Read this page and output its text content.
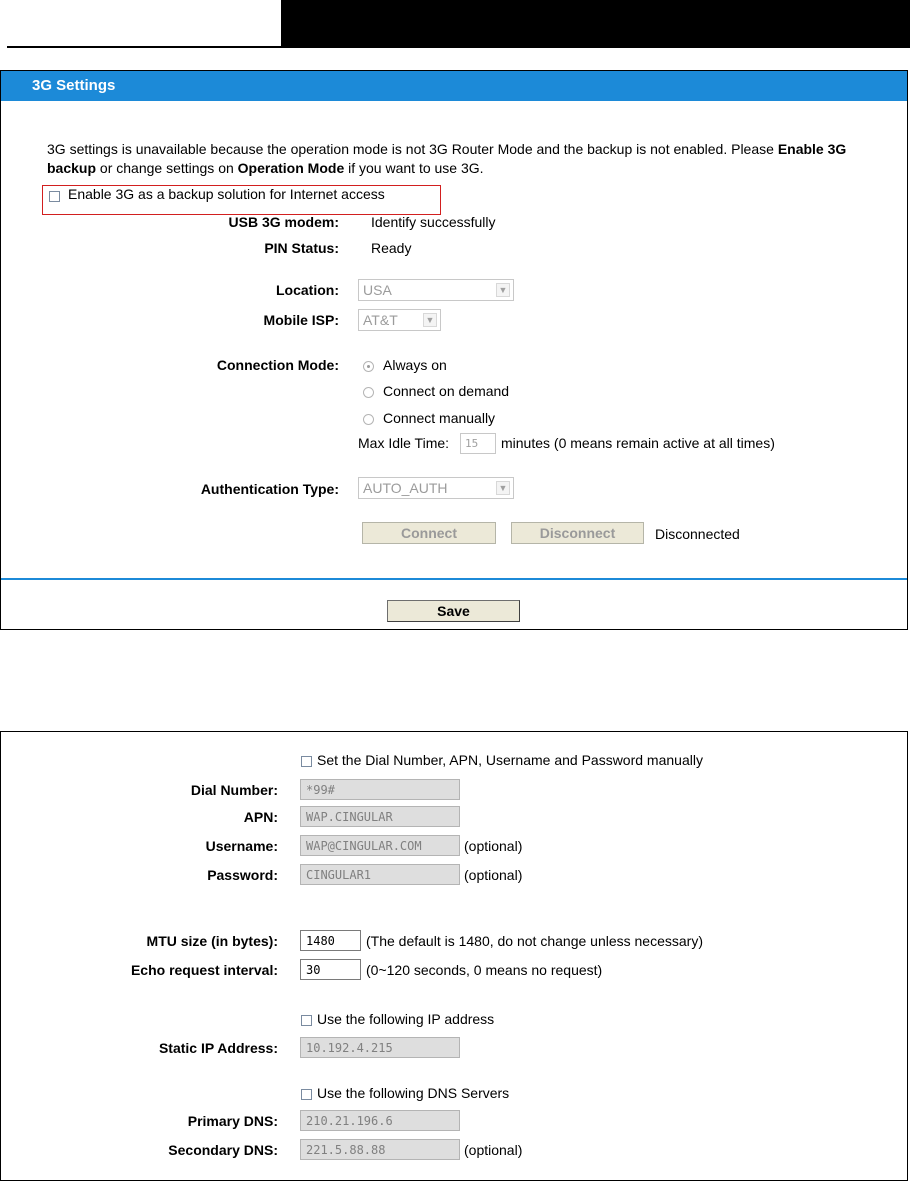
3G Settings
3G settings is unavailable because the operation mode is not 3G Router Mode and the backup is not enabled. Please Enable 3G backup or change settings on Operation Mode if you want to use 3G.
Enable 3G as a backup solution for Internet access
USB 3G modem: Identify successfully
PIN Status: Ready
Location:	USA	▼
Mobile ISP:	AT&T	▼
Connection Mode:	Always on
Connect on demand
Connect manually
Max Idle Time:	15	minutes (0 means remain active at all times)
Authentication Type:	AUTO_AUTH	▼
Connect	Disconnect	Disconnected
Save
Set the Dial Number, APN, Username and Password manually
Dial Number:	*99#
APN:	WAP.CINGULAR
Username:	WAP@CINGULAR.COM	(optional)
Password:	CINGULAR1	(optional)
MTU size (in bytes):	1480	(The default is 1480, do not change unless necessary)
Echo request interval:	30	(0~120 seconds, 0 means no request)
Use the following IP address
Static IP Address:	10.192.4.215
Use the following DNS Servers
Primary DNS:	210.21.196.6
Secondary DNS:	221.5.88.88	(optional)
